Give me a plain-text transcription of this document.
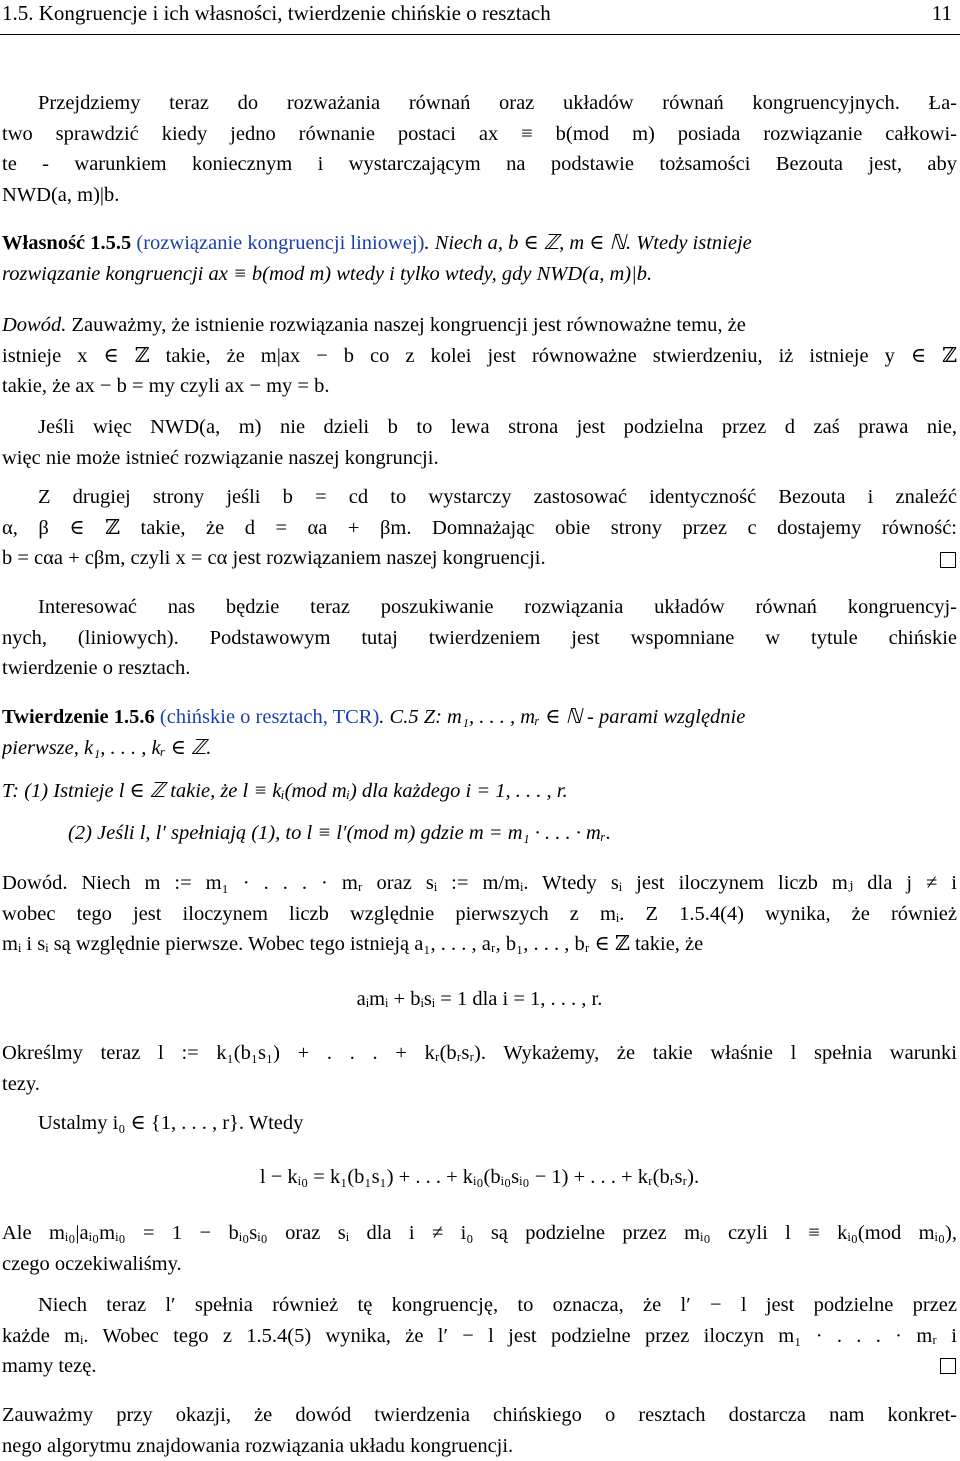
1.5. Kongruencje i ich własności, twierdzenie chińskie o resztach	11
Przejdziemy teraz do rozważania równań oraz układów równań kongruencyjnych. Ła-
two sprawdzić kiedy jedno równanie postaci ax ≡ b(mod m) posiada rozwiązanie całkowi-
te - warunkiem koniecznym i wystarczającym na podstawie tożsamości Bezouta jest, aby
NWD(a, m)|b.
Własność 1.5.5 (rozwiązanie kongruencji liniowej). Niech a, b ∈ ℤ, m ∈ ℕ. Wtedy istnieje
rozwiązanie kongruencji ax ≡ b(mod m) wtedy i tylko wtedy, gdy NWD(a, m)|b.
Dowód. Zauważmy, że istnienie rozwiązania naszej kongruencji jest równoważne temu, że
istnieje x ∈ ℤ takie, że m|ax − b co z kolei jest równoważne stwierdzeniu, iż istnieje y ∈ ℤ
takie, że ax − b = my czyli ax − my = b.
Jeśli więc NWD(a, m) nie dzieli b to lewa strona jest podzielna przez d zaś prawa nie,
więc nie może istnieć rozwiązanie naszej kongruncji.
Z drugiej strony jeśli b = cd to wystarczy zastosować identyczność Bezouta i znaleźć
α, β ∈ ℤ takie, że d = αa + βm. Domnażając obie strony przez c dostajemy równość:
b = cαa + cβm, czyli x = cα jest rozwiązaniem naszej kongruencji.
Interesować nas będzie teraz poszukiwanie rozwiązania układów równań kongruencyj-
nych, (liniowych). Podstawowym tutaj twierdzeniem jest wspomniane w tytule chińskie
twierdzenie o resztach.
Twierdzenie 1.5.6 (chińskie o resztach, TCR). C.5 Z: m₁, . . . , mᵣ ∈ ℕ - parami względnie
pierwsze, k₁, . . . , kᵣ ∈ ℤ.
T: (1) Istnieje l ∈ ℤ takie, że l ≡ kᵢ(mod mᵢ) dla każdego i = 1, . . . , r.
(2) Jeśli l, l′ spełniają (1), to l ≡ l′(mod m) gdzie m = m₁ · . . . · mᵣ.
Dowód. Niech m := m₁ · . . . · mᵣ oraz sᵢ := m/mᵢ. Wtedy sᵢ jest iloczynem liczb mⱼ dla j ≠ i
wobec tego jest iloczynem liczb względnie pierwszych z mᵢ. Z 1.5.4(4) wynika, że również
mᵢ i sᵢ są względnie pierwsze. Wobec tego istnieją a₁, . . . , aᵣ, b₁, . . . , bᵣ ∈ ℤ takie, że
aᵢmᵢ + bᵢsᵢ = 1 dla i = 1, . . . , r.
Określmy teraz l := k₁(b₁s₁) + . . . + kᵣ(bᵣsᵣ). Wykażemy, że takie właśnie l spełnia warunki
tezy.
Ustalmy i₀ ∈ {1, . . . , r}. Wtedy
l − kᵢ₀ = k₁(b₁s₁) + . . . + kᵢ₀(bᵢ₀sᵢ₀ − 1) + . . . + kᵣ(bᵣsᵣ).
Ale mᵢ₀|aᵢ₀mᵢ₀ = 1 − bᵢ₀sᵢ₀ oraz sᵢ dla i ≠ i₀ są podzielne przez mᵢ₀ czyli l ≡ kᵢ₀(mod mᵢ₀),
czego oczekiwaliśmy.
Niech teraz l′ spełnia również tę kongruencję, to oznacza, że l′ − l jest podzielne przez
każde mᵢ. Wobec tego z 1.5.4(5) wynika, że l′ − l jest podzielne przez iloczyn m₁ · . . . · mᵣ i
mamy tezę.
Zauważmy przy okazji, że dowód twierdzenia chińskiego o resztach dostarcza nam konkret-
nego algorytmu znajdowania rozwiązania układu kongruencji.
